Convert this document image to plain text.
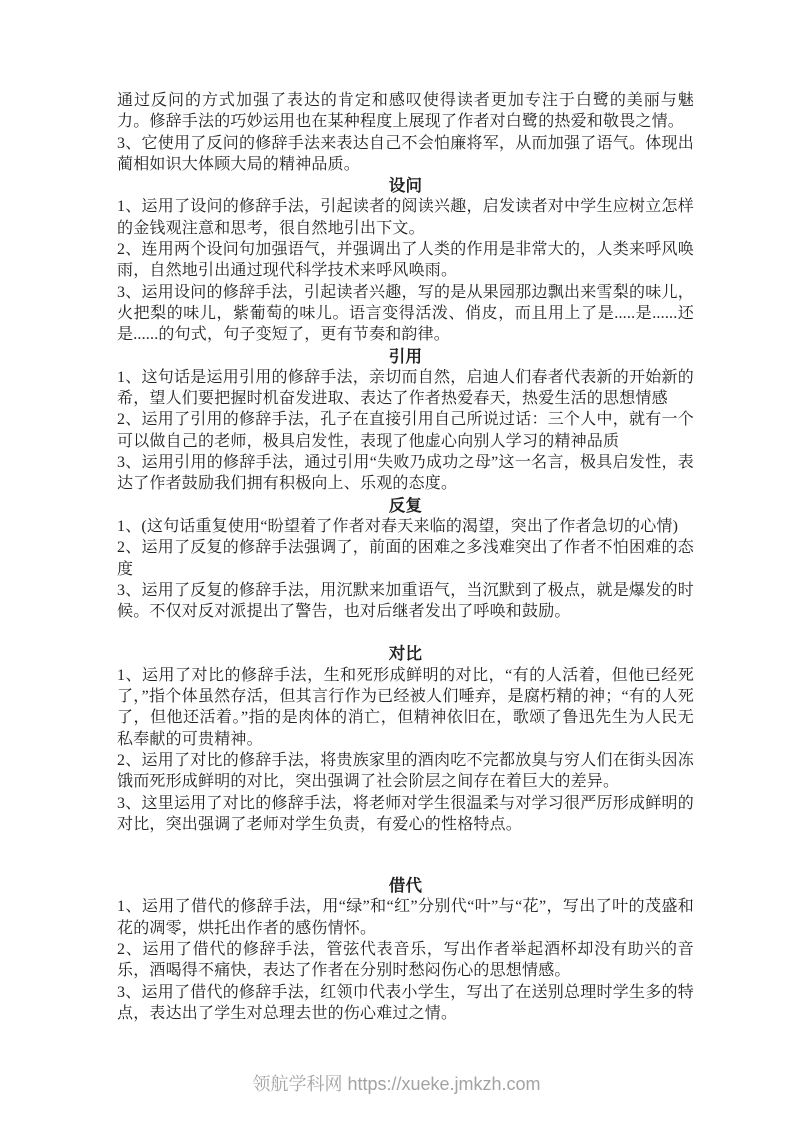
通过反问的方式加强了表达的肯定和感叹使得读者更加专注于白鹭的美丽与魅力。修辞手法的巧妙运用也在某种程度上展现了作者对白鹭的热爱和敬畏之情。

3、它使用了反问的修辞手法来表达自己不会怕廉将军，从而加强了语气。体现出蔺相如识大体顾大局的精神品质。

设问

1、运用了设问的修辞手法，引起读者的阅读兴趣，启发读者对中学生应树立怎样的金钱观注意和思考，很自然地引出下文。

2、连用两个设问句加强语气，并强调出了人类的作用是非常大的，人类来呼风唤雨，自然地引出通过现代科学技术来呼风唤雨。

3、运用设问的修辞手法，引起读者兴趣，写的是从果园那边飘出来雪梨的味儿，火把梨的味儿，紫葡萄的味儿。语言变得活泼、俏皮，而且用上了是.....是......还是......的句式，句子变短了，更有节奏和韵律。

引用

1、这句话是运用引用的修辞手法，亲切而自然，启迪人们春者代表新的开始新的希，望人们要把握时机奋发进取、表达了作者热爱春天，热爱生活的思想情感

2、运用了引用的修辞手法，孔子在直接引用自己所说过话：三个人中，就有一个可以做自己的老师，极具启发性，表现了他虚心向别人学习的精神品质

3、运用引用的修辞手法，通过引用“失败乃成功之母”这一名言，极具启发性，表达了作者鼓励我们拥有积极向上、乐观的态度。

反复

1、(这句话重复使用“盼望着了作者对春天来临的渴望，突出了作者急切的心情)

2、运用了反复的修辞手法强调了，前面的困难之多浅难突出了作者不怕困难的态度

3、运用了反复的修辞手法，用沉默来加重语气，当沉默到了极点，就是爆发的时候。不仅对反对派提出了警告，也对后继者发出了呼唤和鼓励。

对比

1、运用了对比的修辞手法，生和死形成鲜明的对比，“有的人活着，但他已经死了，”指个体虽然存活，但其言行作为已经被人们唾弃，是腐朽精的神；“有的人死了，但他还活着。”指的是肉体的消亡，但精神依旧在，歌颂了鲁迅先生为人民无私奉献的可贵精神。

2、运用了对比的修辞手法，将贵族家里的酒肉吃不完都放臭与穷人们在街头因冻饿而死形成鲜明的对比，突出强调了社会阶层之间存在着巨大的差异。

3、这里运用了对比的修辞手法，将老师对学生很温柔与对学习很严厉形成鲜明的对比，突出强调了老师对学生负责，有爱心的性格特点。

借代

1、运用了借代的修辞手法，用“绿”和“红”分别代“叶”与“花”，写出了叶的茂盛和花的凋零，烘托出作者的感伤情怀。

2、运用了借代的修辞手法，管弦代表音乐，写出作者举起酒杯却没有助兴的音乐，酒喝得不痛快，表达了作者在分别时愁闷伤心的思想情感。

3、运用了借代的修辞手法，红领巾代表小学生，写出了在送别总理时学生多的特点，表达出了学生对总理去世的伤心难过之情。

领航学科网 https://xueke.jmkzh.com
